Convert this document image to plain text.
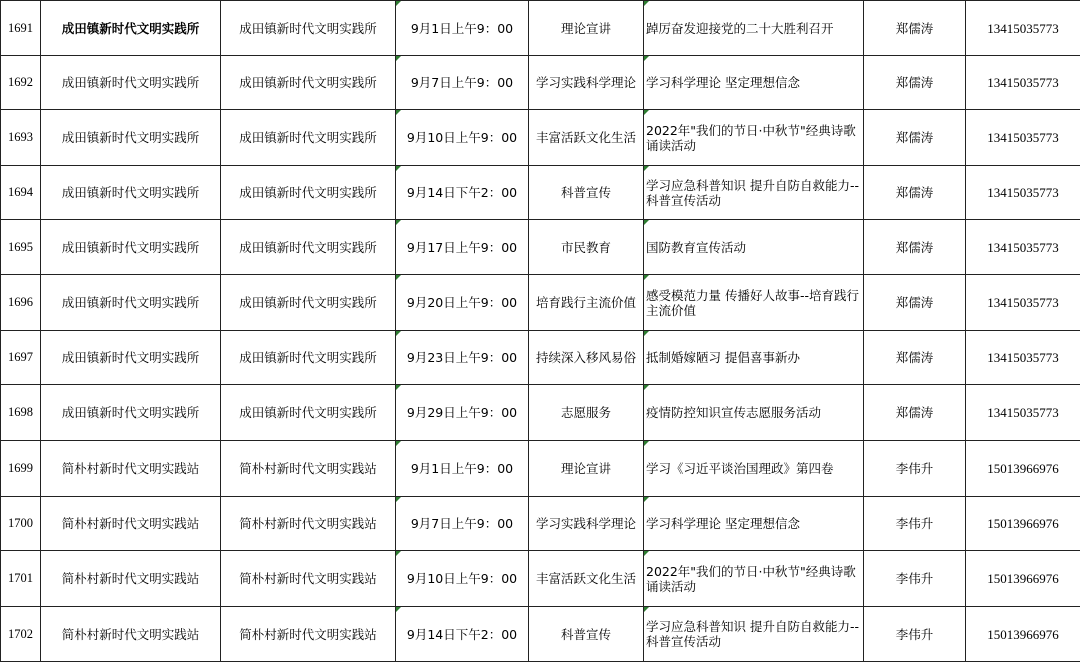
1691	成田镇新时代文明实践所	成田镇新时代文明实践所	9月1日上午9：00	理论宣讲	踔厉奋发迎接党的二十大胜利召开	郑儒涛	13415035773
1692	成田镇新时代文明实践所	成田镇新时代文明实践所	9月7日上午9：00	学习实践科学理论	学习科学理论 坚定理想信念	郑儒涛	13415035773
1693	成田镇新时代文明实践所	成田镇新时代文明实践所	9月10日上午9：00	丰富活跃文化生活	2022年"我们的节日·中秋节"经典诗歌诵读活动	郑儒涛	13415035773
1694	成田镇新时代文明实践所	成田镇新时代文明实践所	9月14日下午2：00	科普宣传	学习应急科普知识 提升自防自救能力--科普宣传活动	郑儒涛	13415035773
1695	成田镇新时代文明实践所	成田镇新时代文明实践所	9月17日上午9：00	市民教育	国防教育宣传活动	郑儒涛	13415035773
1696	成田镇新时代文明实践所	成田镇新时代文明实践所	9月20日上午9：00	培育践行主流价值	感受模范力量 传播好人故事--培育践行主流价值	郑儒涛	13415035773
1697	成田镇新时代文明实践所	成田镇新时代文明实践所	9月23日上午9：00	持续深入移风易俗	抵制婚嫁陋习 提倡喜事新办	郑儒涛	13415035773
1698	成田镇新时代文明实践所	成田镇新时代文明实践所	9月29日上午9：00	志愿服务	疫情防控知识宣传志愿服务活动	郑儒涛	13415035773
1699	简朴村新时代文明实践站	简朴村新时代文明实践站	9月1日上午9：00	理论宣讲	学习《习近平谈治国理政》第四卷	李伟升	15013966976
1700	简朴村新时代文明实践站	简朴村新时代文明实践站	9月7日上午9：00	学习实践科学理论	学习科学理论 坚定理想信念	李伟升	15013966976
1701	简朴村新时代文明实践站	简朴村新时代文明实践站	9月10日上午9：00	丰富活跃文化生活	2022年"我们的节日·中秋节"经典诗歌诵读活动	李伟升	15013966976
1702	简朴村新时代文明实践站	简朴村新时代文明实践站	9月14日下午2：00	科普宣传	学习应急科普知识 提升自防自救能力--科普宣传活动	李伟升	15013966976
